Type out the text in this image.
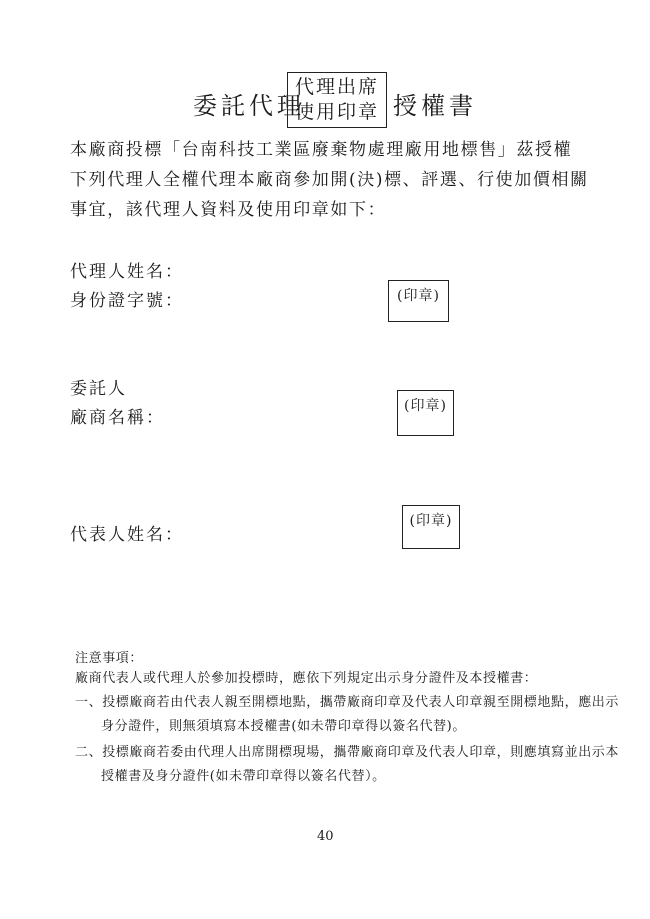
委託代理
代理出席
使用印章 授權書
本廠商投標「台南科技工業區廢棄物處理廠用地標售」茲授權下列代理人全權代理本廠商參加開(決)標、評選、行使加價相關事宜，該代理人資料及使用印章如下：
代理人姓名：
身份證字號：	(印章)
委託人
廠商名稱：
(印章)
代表人姓名：
(印章)
注意事項：
廠商代表人或代理人於參加投標時，應依下列規定出示身分證件及本授權書：
一、投標廠商若由代表人親至開標地點，攜帶廠商印章及代表人印章親至開標地點，應出示
身分證件，則無須填寫本授權書(如未帶印章得以簽名代替)。
二、投標廠商若委由代理人出席開標現場，攜帶廠商印章及代表人印章，則應填寫並出示本
授權書及身分證件(如未帶印章得以簽名代替）。
40
